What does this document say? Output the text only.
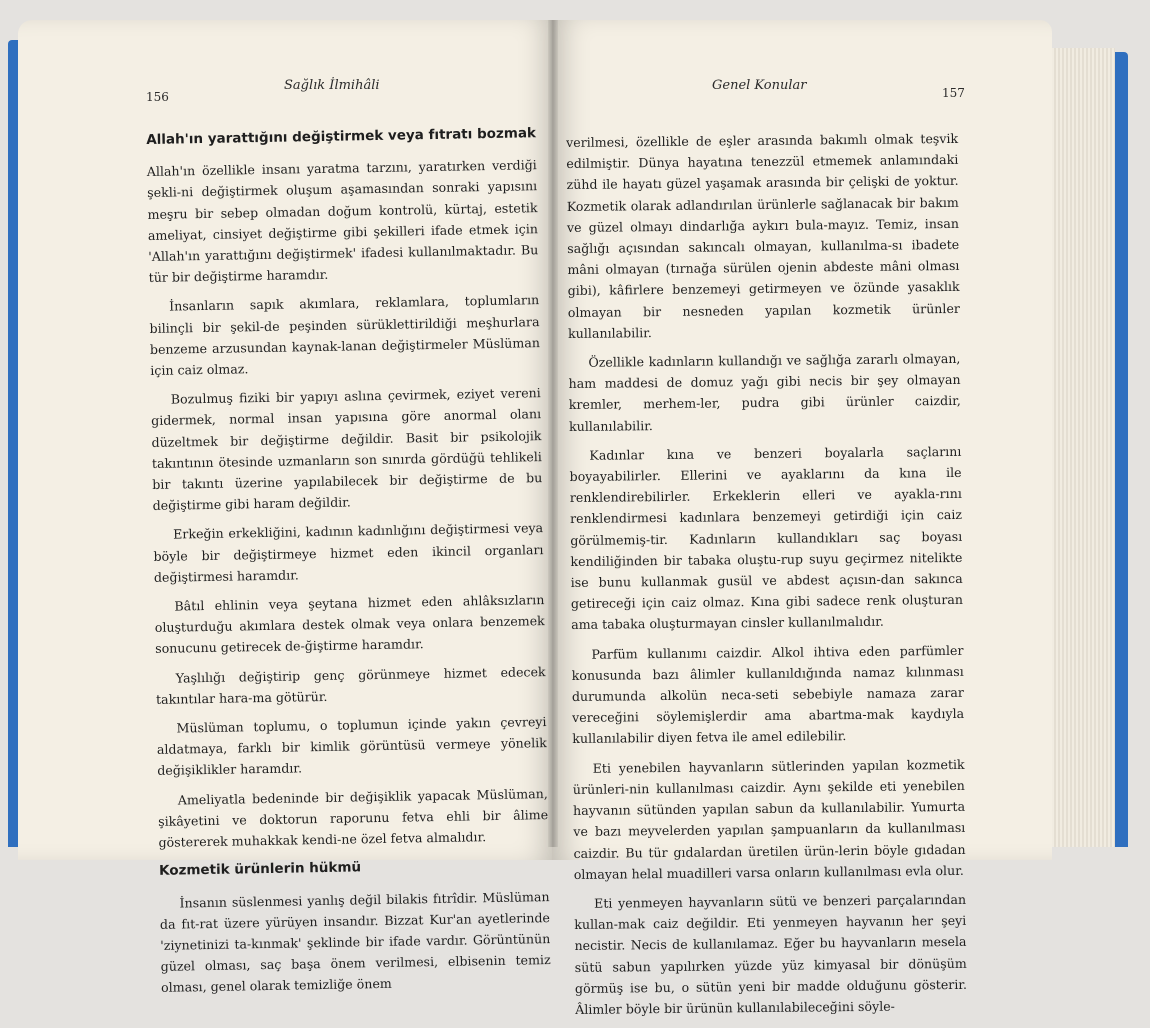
156
Sağlık İlmihâli
Allah'ın yarattığını değiştirmek veya fıtratı bozmak

Allah'ın özellikle insanı yaratma tarzını, yaratırken verdiği şekli-ni değiştirmek oluşum aşamasından sonraki yapısını meşru bir sebep olmadan doğum kontrolü, kürtaj, estetik ameliyat, cinsiyet değiştirme gibi şekilleri ifade etmek için 'Allah'ın yarattığını değiştirmek' ifadesi kullanılmaktadır. Bu tür bir değiştirme haramdır.

İnsanların sapık akımlara, reklamlara, toplumların bilinçli bir şekil-de peşinden sürüklettirildiği meşhurlara benzeme arzusundan kaynak-lanan değiştirmeler Müslüman için caiz olmaz.

Bozulmuş fiziki bir yapıyı aslına çevirmek, eziyet vereni gidermek, normal insan yapısına göre anormal olanı düzeltmek bir değiştirme değildir. Basit bir psikolojik takıntının ötesinde uzmanların son sınırda gördüğü tehlikeli bir takıntı üzerine yapılabilecek bir değiştirme de bu değiştirme gibi haram değildir.

Erkeğin erkekliğini, kadının kadınlığını değiştirmesi veya böyle bir değiştirmeye hizmet eden ikincil organları değiştirmesi haramdır.

Bâtıl ehlinin veya şeytana hizmet eden ahlâksızların oluşturduğu akımlara destek olmak veya onlara benzemek sonucunu getirecek de-ğiştirme haramdır.

Yaşlılığı değiştirip genç görünmeye hizmet edecek takıntılar hara-ma götürür.

Müslüman toplumu, o toplumun içinde yakın çevreyi aldatmaya, farklı bir kimlik görüntüsü vermeye yönelik değişiklikler haramdır.

Ameliyatla bedeninde bir değişiklik yapacak Müslüman, şikâyetini ve doktorun raporunu fetva ehli bir âlime göstererek muhakkak kendi-ne özel fetva almalıdır.

Kozmetik ürünlerin hükmü

İnsanın süslenmesi yanlış değil bilakis fıtrîdir. Müslüman da fıt-rat üzere yürüyen insandır. Bizzat Kur'an ayetlerinde 'ziynetinizi ta-kınmak' şeklinde bir ifade vardır. Görüntünün güzel olması, saç başa önem verilmesi, elbisenin temiz olması, genel olarak temizliğe önem

Genel Konular	157

verilmesi, özellikle de eşler arasında bakımlı olmak teşvik edilmiştir. Dünya hayatına tenezzül etmemek anlamındaki zühd ile hayatı güzel yaşamak arasında bir çelişki de yoktur. Kozmetik olarak adlandırılan ürünlerle sağlanacak bir bakım ve güzel olmayı dindarlığa aykırı bula-mayız. Temiz, insan sağlığı açısından sakıncalı olmayan, kullanılma-sı ibadete mâni olmayan (tırnağa sürülen ojenin abdeste mâni olması gibi), kâfirlere benzemeyi getirmeyen ve özünde yasaklık olmayan bir nesneden yapılan kozmetik ürünler kullanılabilir.

Özellikle kadınların kullandığı ve sağlığa zararlı olmayan, ham maddesi de domuz yağı gibi necis bir şey olmayan kremler, merhem-ler, pudra gibi ürünler caizdir, kullanılabilir.

Kadınlar kına ve benzeri boyalarla saçlarını boyayabilirler. Ellerini ve ayaklarını da kına ile renklendirebilirler. Erkeklerin elleri ve ayakla-rını renklendirmesi kadınlara benzemeyi getirdiği için caiz görülmemiş-tir. Kadınların kullandıkları saç boyası kendiliğinden bir tabaka oluştu-rup suyu geçirmez nitelikte ise bunu kullanmak gusül ve abdest açısın-dan sakınca getireceği için caiz olmaz. Kına gibi sadece renk oluşturan ama tabaka oluşturmayan cinsler kullanılmalıdır.

Parfüm kullanımı caizdir. Alkol ihtiva eden parfümler konusunda bazı âlimler kullanıldığında namaz kılınması durumunda alkolün neca-seti sebebiyle namaza zarar vereceğini söylemişlerdir ama abartma-mak kaydıyla kullanılabilir diyen fetva ile amel edilebilir.

Eti yenebilen hayvanların sütlerinden yapılan kozmetik ürünleri-nin kullanılması caizdir. Aynı şekilde eti yenebilen hayvanın sütünden yapılan sabun da kullanılabilir. Yumurta ve bazı meyvelerden yapılan şampuanların da kullanılması caizdir. Bu tür gıdalardan üretilen ürün-lerin böyle gıdadan olmayan helal muadilleri varsa onların kullanılması evla olur.

Eti yenmeyen hayvanların sütü ve benzeri parçalarından kullan-mak caiz değildir. Eti yenmeyen hayvanın her şeyi necistir. Necis de kullanılamaz. Eğer bu hayvanların mesela sütü sabun yapılırken yüzde yüz kimyasal bir dönüşüm görmüş ise bu, o sütün yeni bir madde olduğunu gösterir. Âlimler böyle bir ürünün kullanılabileceğini söyle-
